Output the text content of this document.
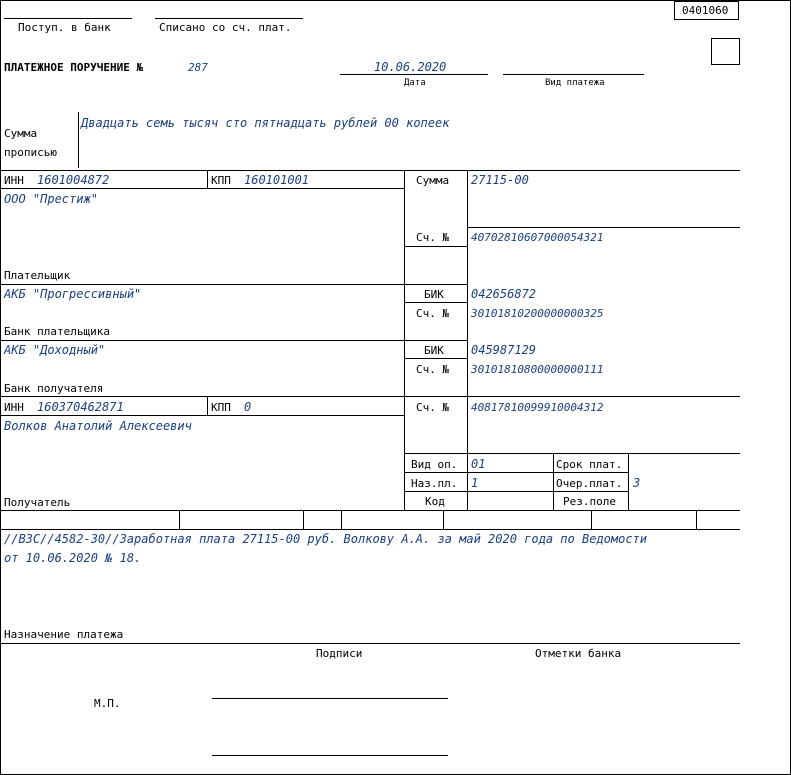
0401060
Поступ. в банк	Списано со сч. плат.
ПЛАТЕЖНОЕ ПОРУЧЕНИЕ №	287	10.06.2020
Дата	Вид платежа
Сумма
прописью
Двадцать семь тысяч сто пятнадцать рублей 00 копеек
ИНН 1601004872	КПП 160101001
ООО "Престиж"
Плательщик
Сумма 27115-00
Сч. № 40702810607000054321
АКБ "Прогрессивный"
Банк плательщика
БИК 042656872
Сч. № 30101810200000000325
АКБ "Доходный"
Банк получателя
БИК 045987129
Сч. № 30101810800000000111
ИНН 160370462871	КПП 0
Волков Анатолий Алексеевич
Получатель
Сч. № 40817810099910004312
Вид оп. 01	Срок плат.
Наз.пл. 1	Очер.плат. 3
Код	Рез.поле
//ВЗС//4582-30//Заработная плата 27115-00 руб. Волкову А.А. за май 2020 года по Ведомости
от 10.06.2020 № 18.
Назначение платежа
Подписи	Отметки банка
М.П.
